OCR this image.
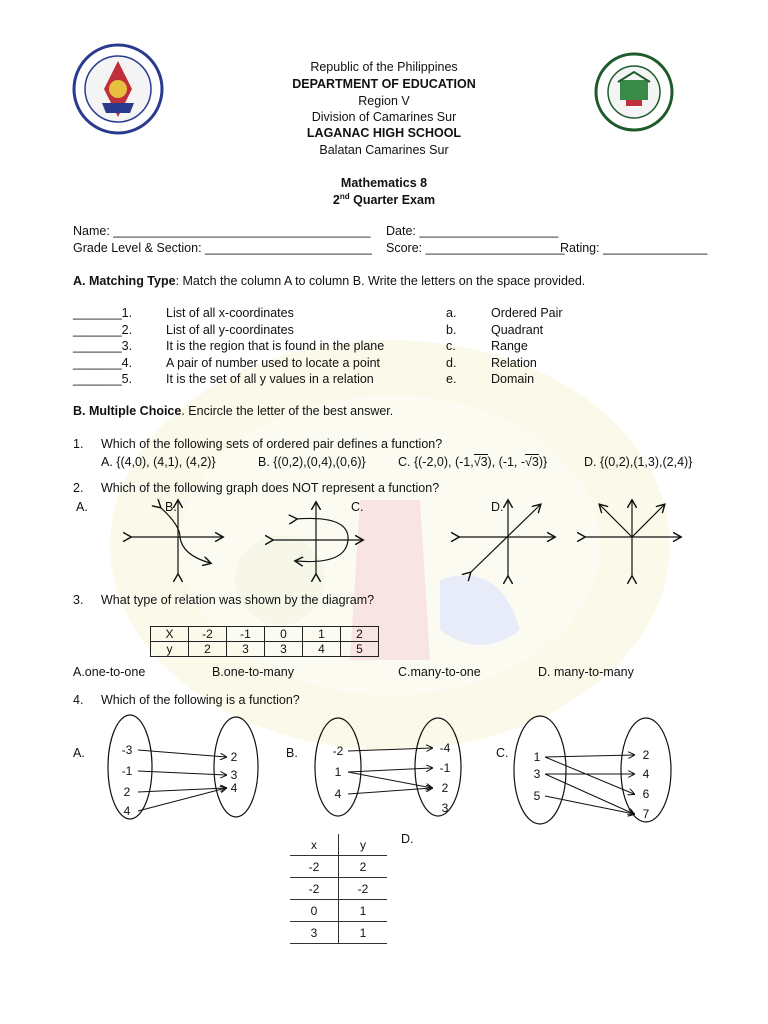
Republic of the Philippines
DEPARTMENT OF EDUCATION
Region V
Division of Camarines Sur
LAGANAC HIGH SCHOOL
Balatan Camarines Sur
Mathematics 8
2nd Quarter Exam
Name: _____________________________________ Date: ____________________
Grade Level & Section: ________________________ Score: ____________________
Rating: _______________
A. Matching Type: Match the column A to column B. Write the letters on the space provided.
_______1.	List of all x-coordinates	a.	Ordered Pair
_______2.	List of all y-coordinates	b.	Quadrant
_______3.	It is the region that is found in the plane	c.	Range
_______4.	A pair of number used to locate a point	d.	Relation
_______5.	It is the set of all y values in a relation	e.	Domain
B. Multiple Choice. Encircle the letter of the best answer.
1. Which of the following sets of ordered pair defines a function?
A. {(4,0), (4,1), (4,2)}	B. {(0,2),(0,4),(0,6)}	C. {(-2,0), (-1,√3), (-1, -√3)}	D. {(0,2),(1,3),(2,4)}
2. Which of the following graph does NOT represent a function?
A.	B.	C.	D.
3. What type of relation was shown by the diagram?
X	-2	-1	0	1	2
y	2	3	3	4	5
A.one-to-one	B.one-to-many	C.many-to-one	D. many-to-many
4. Which of the following is a function?
A.	B.	C.
D.
-3
-1
2
4
2
3
4
-2
1
4
-4
-1
2
3
1
3
5
2
4
6
7
x	y
-2	2
-2	-2
0	1
3	1
